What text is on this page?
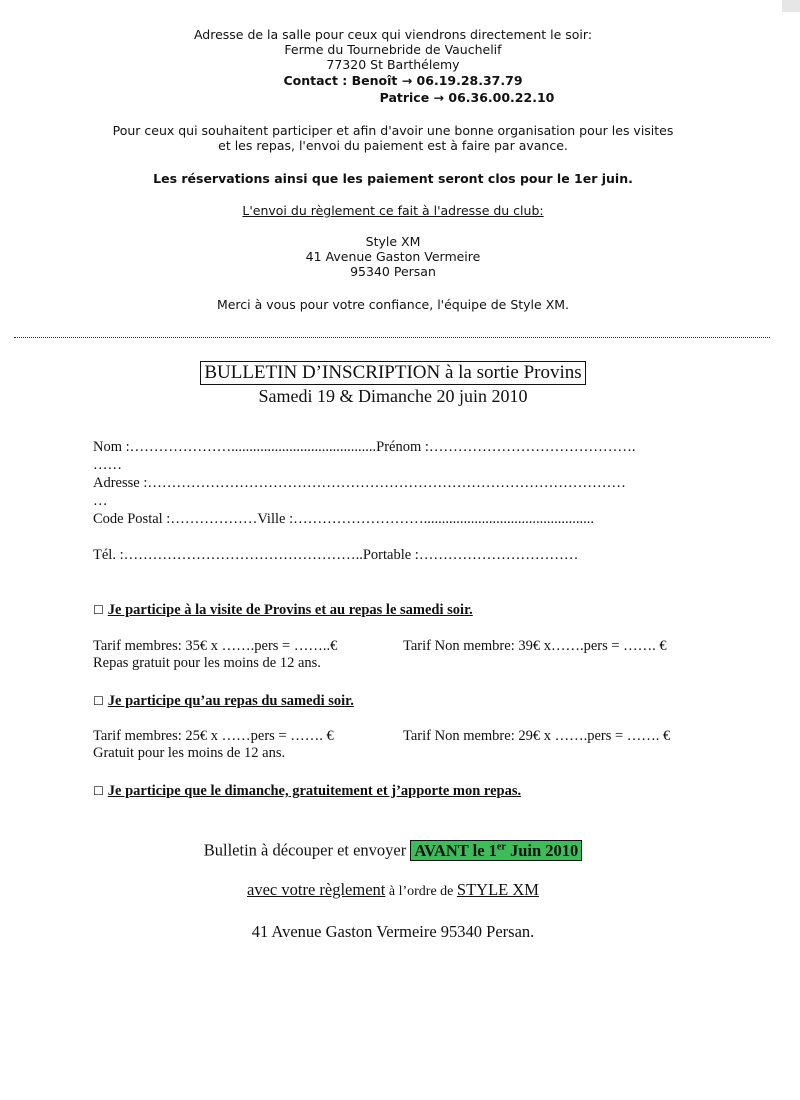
Adresse de la salle pour ceux qui viendrons directement le soir:
Ferme du Tournebride de Vauchelif
77320 St Barthélemy
Contact : Benoît → 06.19.28.37.79
Patrice → 06.36.00.22.10
Pour ceux qui souhaitent participer et afin d'avoir une bonne organisation pour les visites
et les repas, l'envoi du paiement est à faire par avance.
Les réservations ainsi que les paiement seront clos pour le 1er juin.
L'envoi du règlement ce fait à l'adresse du club:
Style XM
41 Avenue Gaston Vermeire
95340 Persan
Merci à vous pour votre confiance, l'équipe de Style XM.
BULLETIN D’INSCRIPTION à la sortie Provins
Samedi 19 & Dimanche 20 juin 2010
Nom :…………………........................................Prénom :…………………………………….
……
Adresse :………………………………………………………………………………………
…
Code Postal :………………Ville :………………………...............................................
Tél. :…………………………………………..Portable :……………………………
☐ Je participe à la visite de Provins et au repas le samedi soir.
Tarif membres: 35€ x …….pers = ……..€	Tarif Non membre: 39€ x…….pers = ……. €
Repas gratuit pour les moins de 12 ans.
☐ Je participe qu’au repas du samedi soir.
Tarif membres: 25€ x ……pers = ……. €	Tarif Non membre: 29€ x …….pers = ……. €
Gratuit pour les moins de 12 ans.
☐ Je participe que le dimanche, gratuitement et j’apporte mon repas.
Bulletin à découper et envoyer AVANT le 1er Juin 2010
avec votre règlement à l’ordre de STYLE XM
41 Avenue Gaston Vermeire 95340 Persan.
